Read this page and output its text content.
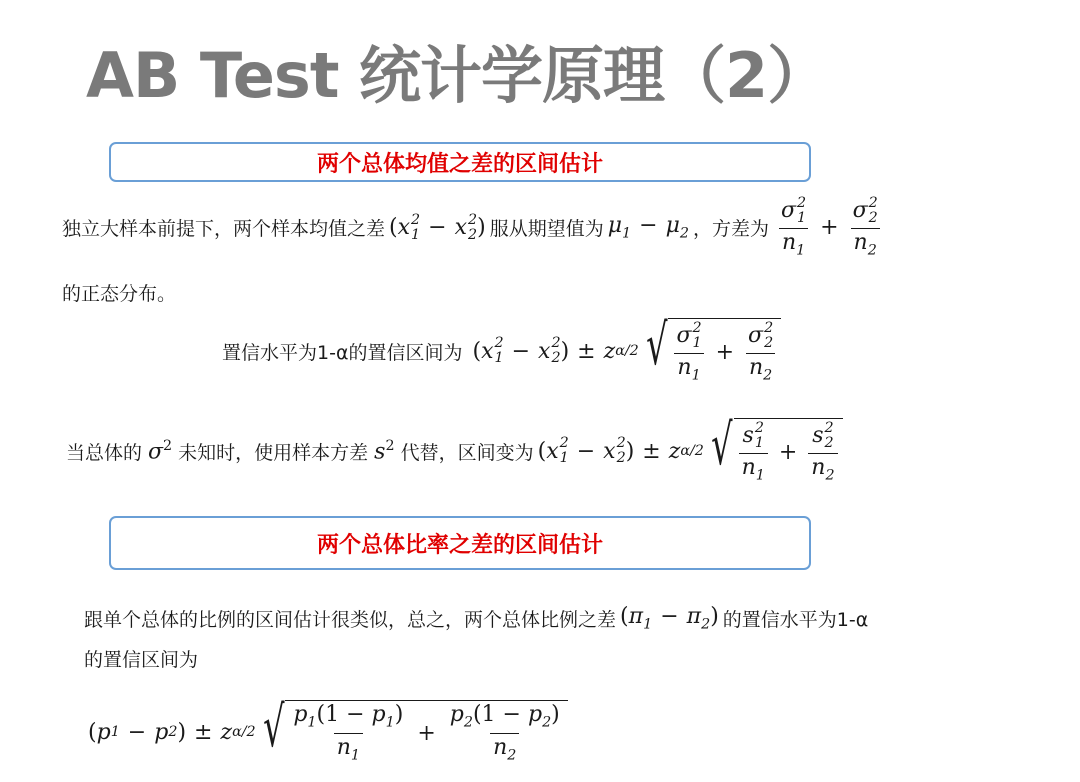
AB Test 统计学原理（2）
两个总体均值之差的区间估计
独立大样本前提下，两个样本均值之差 (x 2
1 − x 2
2 ) 服从期望值为 $\mu_1 - \mu_2$ ，方差为 σ 2
1
$n_1 + \sigma$ 2
2
$n_2$
的正态分布。
置信水平为1-α的置信区间为 ( x 2
1 − x 2
2 ) ± z α/2 √ σ 2
1
$n_1 + \sigma$ 2
2
$n_2$
当总体的 $\sigma^2$ 未知时，使用样本方差 $s^2$ 代替，区间变为 ( x 2
1 − x 2
2 ) ± z α/2 √ s 2
1
$n_1 + s$ 2
2
$n_2$
两个总体比率之差的区间估计
跟单个总体的比例的区间估计很类似，总之，两个总体比例之差 $(\pi_1 - \pi_2)$ 的置信水平为1-α
的置信区间为
( p 1 − p 2 ) ± z α/2 √ $\frac{p_1(1 - p_1)}{n_1} + \frac{p_2(1 - p_2)}{n_2}$
